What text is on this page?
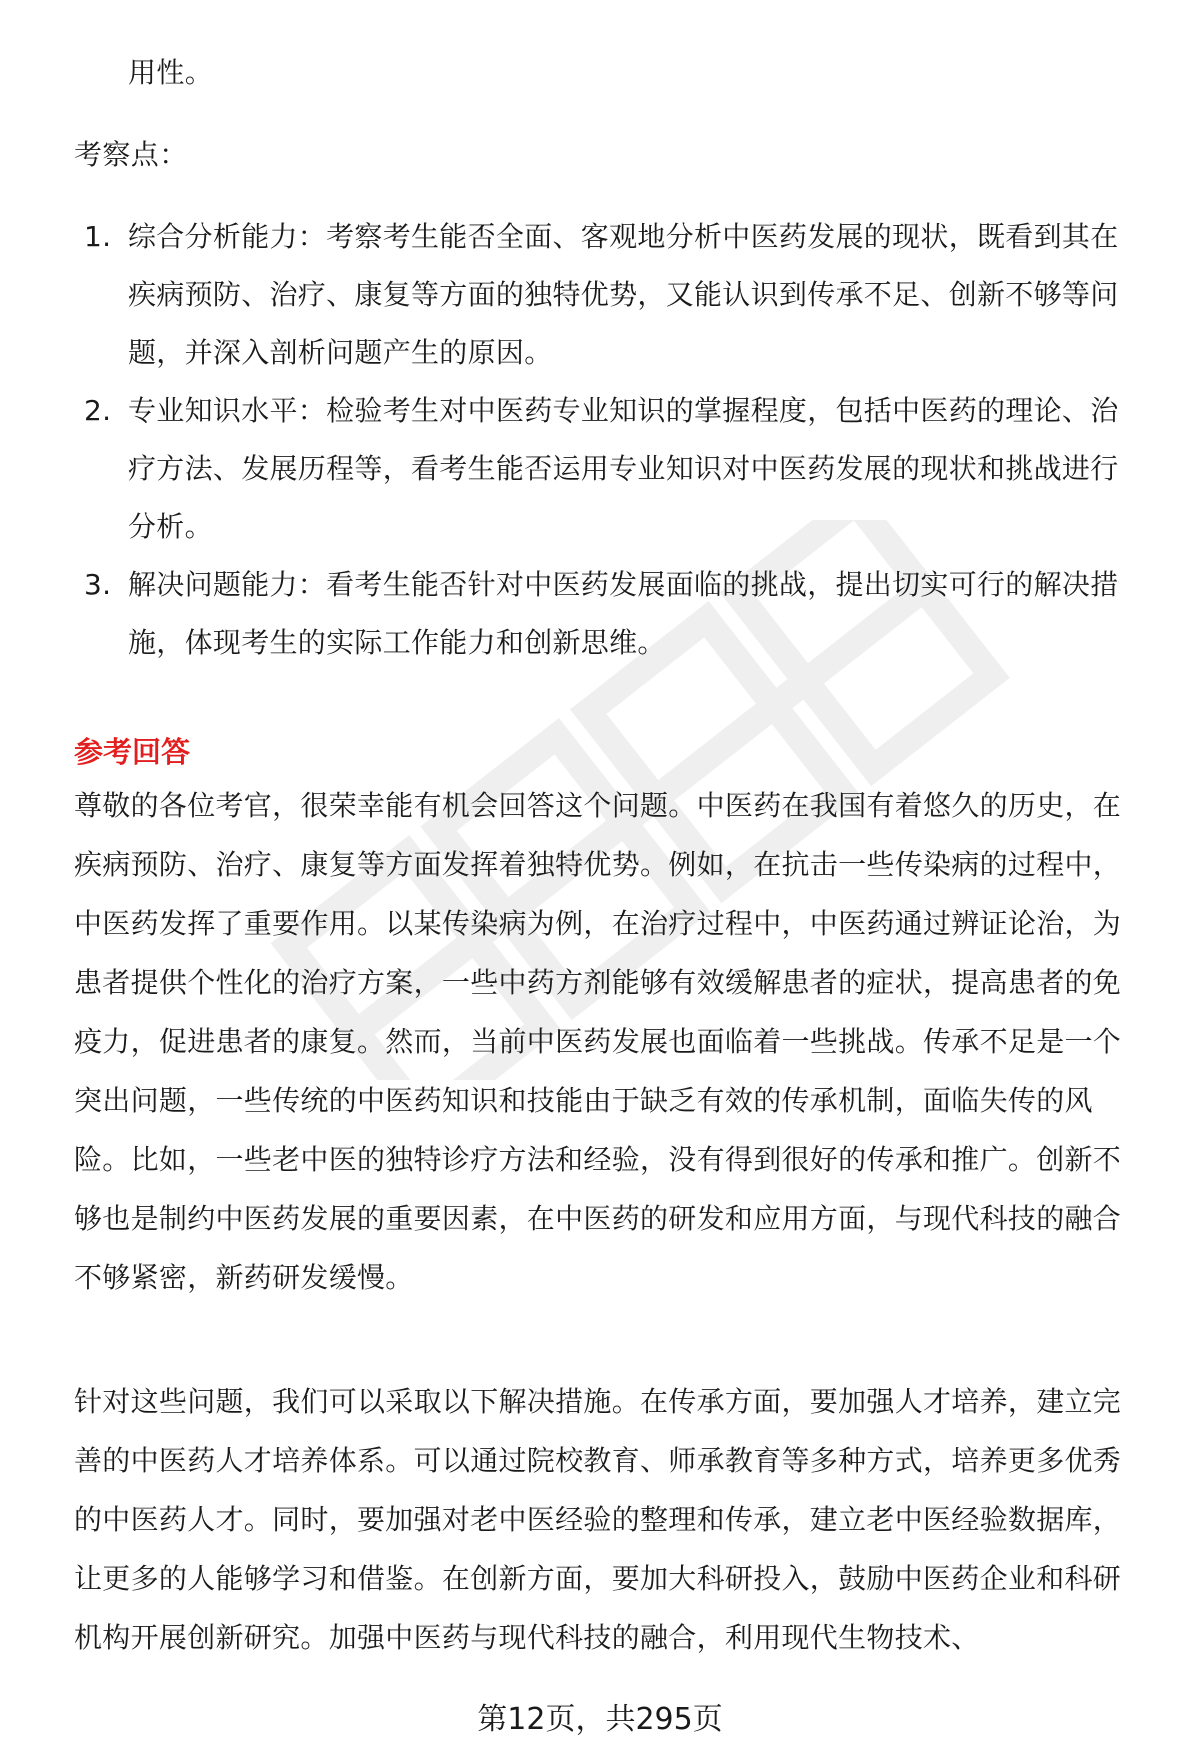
用性。
考察点：
1. 综合分析能力：考察考生能否全面、客观地分析中医药发展的现状，既看到其在疾病预防、治疗、康复等方面的独特优势，又能认识到传承不足、创新不够等问题，并深入剖析问题产生的原因。
2. 专业知识水平：检验考生对中医药专业知识的掌握程度，包括中医药的理论、治疗方法、发展历程等，看考生能否运用专业知识对中医药发展的现状和挑战进行分析。
3. 解决问题能力：看考生能否针对中医药发展面临的挑战，提出切实可行的解决措施，体现考生的实际工作能力和创新思维。
参考回答
尊敬的各位考官，很荣幸能有机会回答这个问题。中医药在我国有着悠久的历史，在疾病预防、治疗、康复等方面发挥着独特优势。例如，在抗击一些传染病的过程中，中医药发挥了重要作用。以某传染病为例，在治疗过程中，中医药通过辨证论治，为患者提供个性化的治疗方案，一些中药方剂能够有效缓解患者的症状，提高患者的免疫力，促进患者的康复。然而，当前中医药发展也面临着一些挑战。传承不足是一个突出问题，一些传统的中医药知识和技能由于缺乏有效的传承机制，面临失传的风险。比如，一些老中医的独特诊疗方法和经验，没有得到很好的传承和推广。创新不够也是制约中医药发展的重要因素，在中医药的研发和应用方面，与现代科技的融合不够紧密，新药研发缓慢。
针对这些问题，我们可以采取以下解决措施。在传承方面，要加强人才培养，建立完善的中医药人才培养体系。可以通过院校教育、师承教育等多种方式，培养更多优秀的中医药人才。同时，要加强对老中医经验的整理和传承，建立老中医经验数据库，让更多的人能够学习和借鉴。在创新方面，要加大科研投入，鼓励中医药企业和科研机构开展创新研究。加强中医药与现代科技的融合，利用现代生物技术、
第12页，共295页
